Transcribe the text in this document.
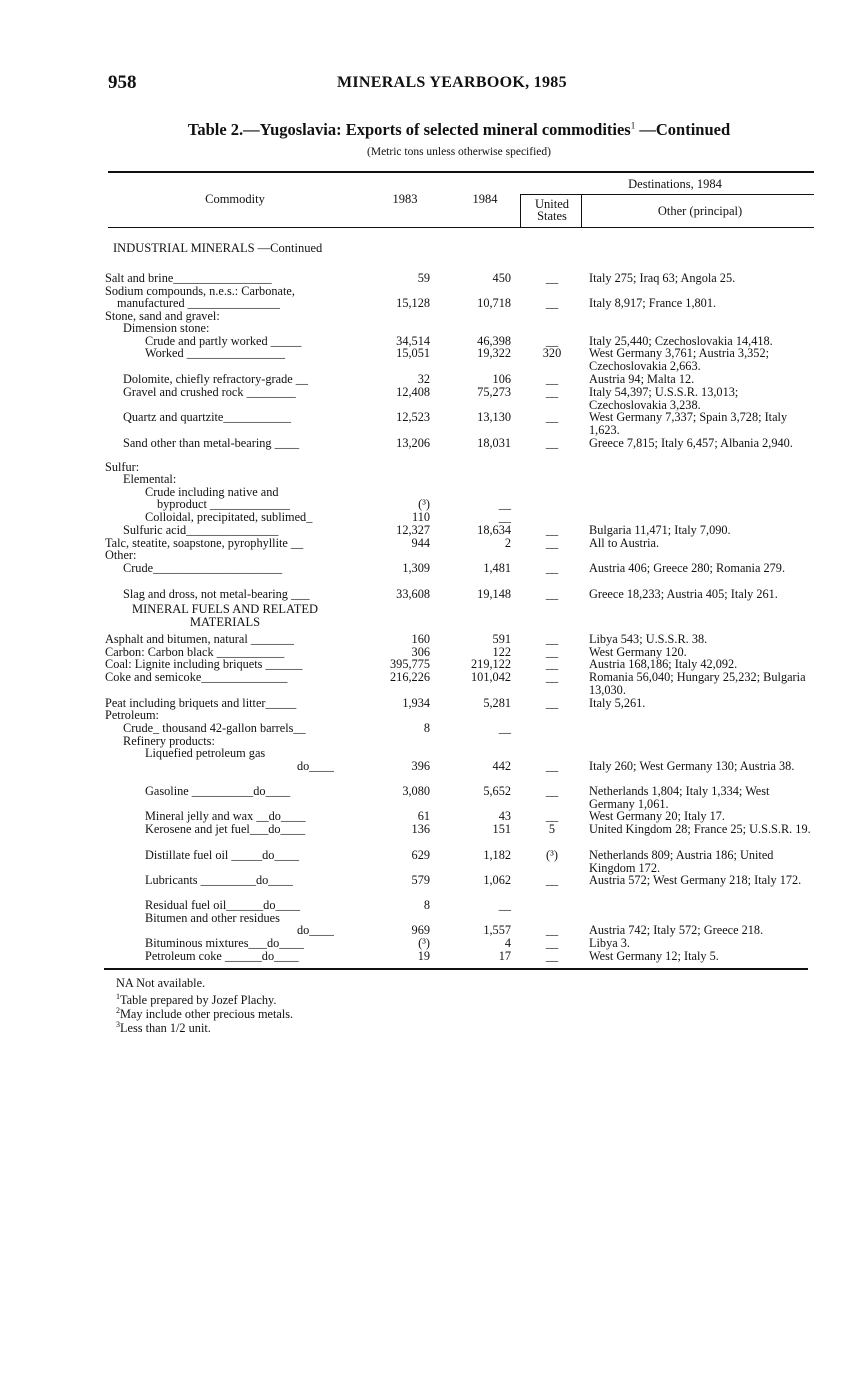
958	MINERALS YEARBOOK, 1985
Table 2.—Yugoslavia: Exports of selected mineral commodities$^1$ —Continued
(Metric tons unless otherwise specified)
Commodity	1983	1984
Destinations, 1984
United
States	Other (principal)
INDUSTRIAL MINERALS —Continued
Salt and brine________________	59	450	__	Italy 275; Iraq 63; Angola 25.
Sodium compounds, n.e.s.: Carbonate,
manufactured _______________	15,128	10,718	__	Italy 8,917; France 1,801.
Stone, sand and gravel:
Dimension stone:
Crude and partly worked _____	34,514	46,398	__	Italy 25,440; Czechoslovakia 14,418.
Worked ________________	15,051	19,322	320	West Germany 3,761; Austria 3,352; Czechoslovakia 2,663.
Dolomite, chiefly refractory-grade __	32	106	__	Austria 94; Malta 12.
Gravel and crushed rock ________	12,408	75,273	__	Italy 54,397; U.S.S.R. 13,013; Czechoslovakia 3,238.
Quartz and quartzite___________	12,523	13,130	__	West Germany 7,337; Spain 3,728; Italy 1,623.
Sand other than metal-bearing ____	13,206	18,031	__	Greece 7,815; Italy 6,457; Albania 2,940.
Sulfur:
Elemental:
Crude including native and
byproduct _____________	(³)	__
Colloidal, precipitated, sublimed_	110	__
Sulfuric acid_______________	12,327	18,634	__	Bulgaria 11,471; Italy 7,090.
Talc, steatite, soapstone, pyrophyllite __	944	2	__	All to Austria.
Other:
Crude_____________________	1,309	1,481	__	Austria 406; Greece 280; Romania 279.
Slag and dross, not metal-bearing ___	33,608	19,148	__	Greece 18,233; Austria 405; Italy 261.
MINERAL FUELS AND RELATED
MATERIALS
Asphalt and bitumen, natural _______	160	591	__	Libya 543; U.S.S.R. 38.
Carbon: Carbon black ___________	306	122	__	West Germany 120.
Coal: Lignite including briquets ______	395,775	219,122	__	Austria 168,186; Italy 42,092.
Coke and semicoke______________	216,226	101,042	__	Romania 56,040; Hungary 25,232; Bulgaria 13,030.
Peat including briquets and litter_____	1,934	5,281	__	Italy 5,261.
Petroleum:
Crude_ thousand 42-gallon barrels__	8	__
Refinery products:
Liquefied petroleum gas
do____	396	442	__	Italy 260; West Germany 130; Austria 38.
Gasoline __________do____	3,080	5,652	__	Netherlands 1,804; Italy 1,334; West Germany 1,061.
Mineral jelly and wax __do____	61	43	__	West Germany 20; Italy 17.
Kerosene and jet fuel___do____	136	151	5	United Kingdom 28; France 25; U.S.S.R. 19.
Distillate fuel oil _____do____	629	1,182	(³)	Netherlands 809; Austria 186; United Kingdom 172.
Lubricants _________do____	579	1,062	__	Austria 572; West Germany 218; Italy 172.
Residual fuel oil______do____	8	__
Bitumen and other residues
do____	969	1,557	__	Austria 742; Italy 572; Greece 218.
Bituminous mixtures___do____	(³)	4	__	Libya 3.
Petroleum coke ______do____	19	17	__	West Germany 12; Italy 5.
NA Not available.
$^1$Table prepared by Jozef Plachy.
$^2$May include other precious metals.
$^3$Less than 1/2 unit.
